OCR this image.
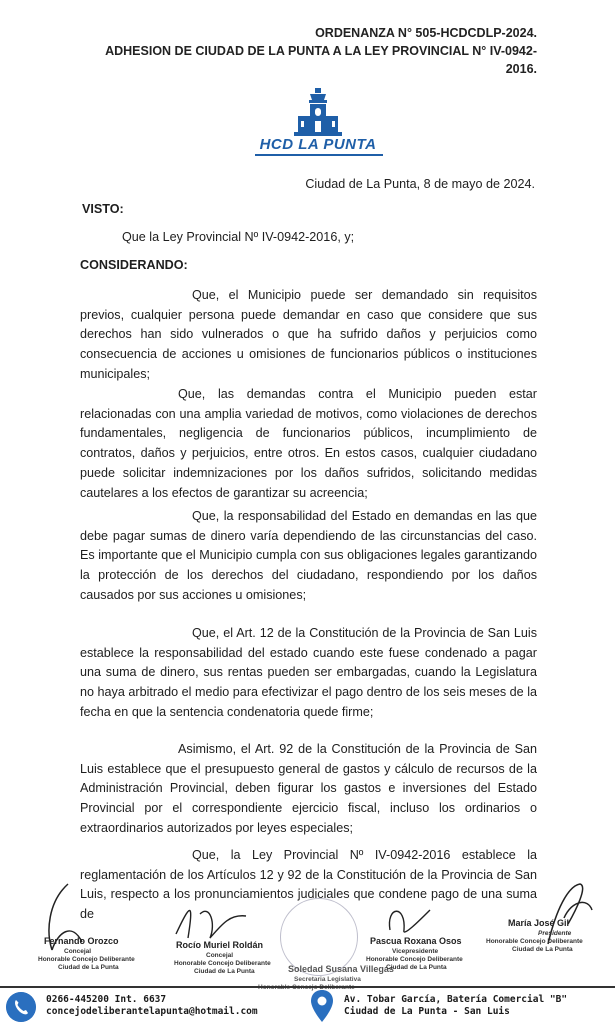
ORDENANZA N° 505-HCDCDLP-2024.
ADHESION DE CIUDAD DE LA PUNTA A LA LEY PROVINCIAL N° IV-0942-
2016.
HCD LA PUNTA
Ciudad de La Punta, 8 de mayo de 2024.
VISTO:
Que la Ley Provincial Nº IV-0942-2016, y;
CONSIDERANDO:
Que, el Municipio puede ser demandado sin requisitos previos, cualquier persona puede demandar en caso que considere que sus derechos han sido vulnerados o que ha sufrido daños y perjuicios como consecuencia de acciones u omisiones de funcionarios públicos o instituciones municipales;
Que, las demandas contra el Municipio pueden estar relacionadas con una amplia variedad de motivos, como violaciones de derechos fundamentales, negligencia de funcionarios públicos, incumplimiento de contratos, daños y perjuicios, entre otros. En estos casos, cualquier ciudadano puede solicitar indemnizaciones por los daños sufridos, solicitando medidas cautelares a los efectos de garantizar su acreencia;
Que, la responsabilidad del Estado en demandas en las que debe pagar sumas de dinero varía dependiendo de las circunstancias del caso. Es importante que el Municipio cumpla con sus obligaciones legales garantizando la protección de los derechos del ciudadano, respondiendo por los daños causados por sus acciones u omisiones;
Que, el Art. 12 de la Constitución de la Provincia de San Luis establece la responsabilidad del estado cuando este fuese condenado a pagar una suma de dinero, sus rentas pueden ser embargadas, cuando la Legislatura no haya arbitrado el medio para efectivizar el pago dentro de los seis meses de la fecha en que la sentencia condenatoria quede firme;
Asimismo, el Art. 92 de la Constitución de la Provincia de San Luis establece que el presupuesto general de gastos y cálculo de recursos de la Administración Provincial, deben figurar los gastos e inversiones del Estado Provincial por el correspondiente ejercicio fiscal, incluso los ordinarios o extraordinarios autorizados por leyes especiales;
Que, la Ley Provincial Nº IV-0942-2016 establece la reglamentación de los Artículos 12 y 92 de la Constitución de la Provincia de San Luis, respecto a los pronunciamientos judiciales que condene pago de una suma de
Fernando Orozco
Concejal
Honorable Concejo Deliberante
Ciudad de La Punta
Rocío Muriel Roldán
Concejal
Honorable Concejo Deliberante
Ciudad de La Punta	Soledad Susana Villegas
Secretaria Legislativa
Pascua Roxana Osos
Vicepresidente
Honorable Concejo Deliberante
Ciudad de La Punta
María José Gil
Presidente
Honorable Concejo Deliberante
Ciudad de La Punta
0266-445200 Int. 6637
concejodeliberantelapunta@hotmail.com
Av. Tobar García, Batería Comercial "B"
Ciudad de La Punta - San Luis
